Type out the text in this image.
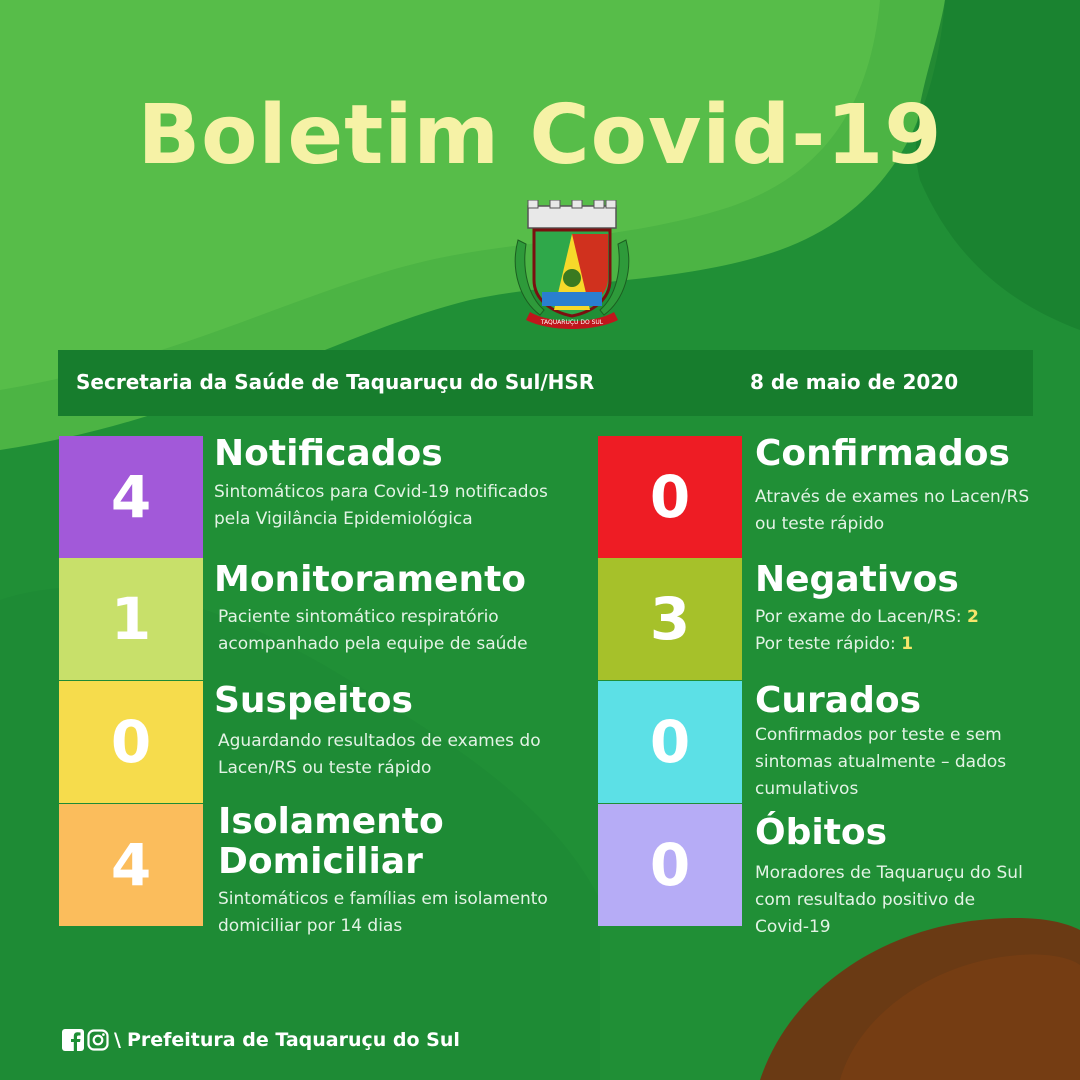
Boletim Covid-19
TAQUARUÇU DO SUL
Secretaria da Saúde de Taquaruçu do Sul/HSR	8 de maio de 2020
4
Notificados
Sintomáticos para Covid-19 notificados
pela Vigilância Epidemiológica
1
Monitoramento
Paciente sintomático respiratório
acompanhado pela equipe de saúde
0
Suspeitos
Aguardando resultados de exames do
Lacen/RS ou teste rápido
4
Isolamento
Domiciliar
Sintomáticos e famílias em isolamento
domiciliar por 14 dias
0
Confirmados
Através de exames no Lacen/RS
ou teste rápido
3
Negativos
Por exame do Lacen/RS: 2
Por teste rápido: 1
0
Curados
Confirmados por teste e sem
sintomas atualmente – dados
cumulativos
0 Óbitos
Moradores de Taquaruçu do Sul
com resultado positivo de
Covid-19
\ Prefeitura de Taquaruçu do Sul
